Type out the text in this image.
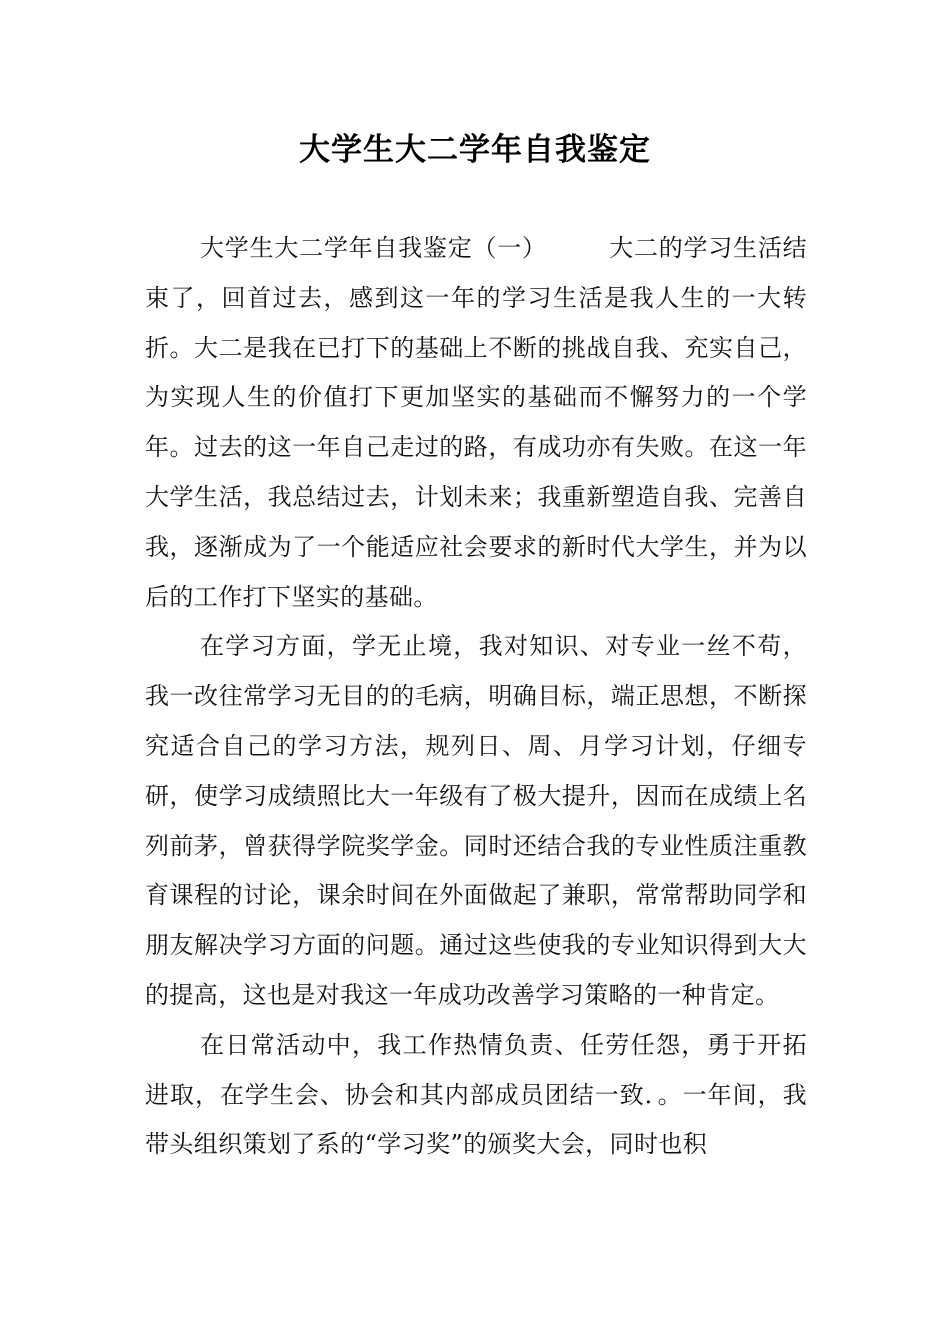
大学生大二学年自我鉴定

大学生大二学年自我鉴定（一）	大二的学习生活结束了，回首过去，感到这一年的学习生活是我人生的一大转折。大二是我在已打下的基础上不断的挑战自我、充实自己，为实现人生的价值打下更加坚实的基础而不懈努力的一个学年。过去的这一年自己走过的路，有成功亦有失败。在这一年大学生活，我总结过去，计划未来；我重新塑造自我、完善自我，逐渐成为了一个能适应社会要求的新时代大学生，并为以后的工作打下坚实的基础。

在学习方面，学无止境，我对知识、对专业一丝不苟，我一改往常学习无目的的毛病，明确目标，端正思想，不断探究适合自己的学习方法，规列日、周、月学习计划，仔细专研，使学习成绩照比大一年级有了极大提升，因而在成绩上名列前茅，曾获得学院奖学金。同时还结合我的专业性质注重教育课程的讨论，课余时间在外面做起了兼职，常常帮助同学和朋友解决学习方面的问题。通过这些使我的专业知识得到大大的提高，这也是对我这一年成功改善学习策略的一种肯定。

在日常活动中，我工作热情负责、任劳任怨，勇于开拓进取，在学生会、协会和其内部成员团结一致．。一年间，我带头组织策划了系的“学习奖”的颁奖大会，同时也积
